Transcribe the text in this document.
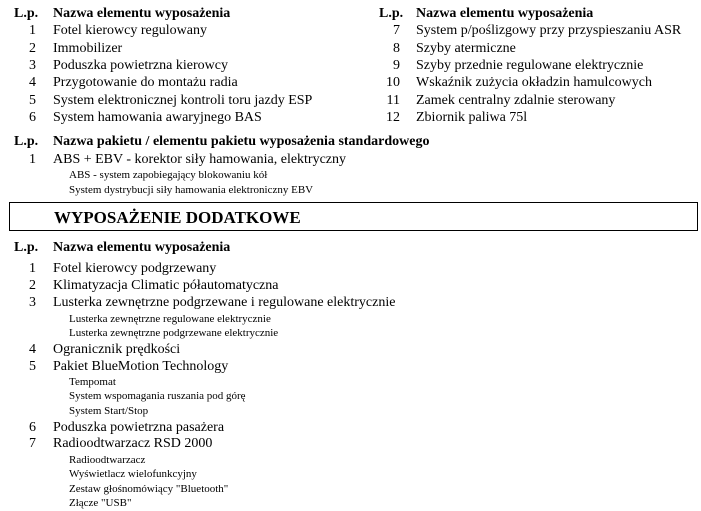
L.p. Nazwa elementu wyposażenia
1 Fotel kierowcy regulowany
2 Immobilizer
3 Poduszka powietrzna kierowcy
4 Przygotowanie do montażu radia
5 System elektronicznej kontroli toru jazdy ESP
6 System hamowania awaryjnego BAS
L.p. Nazwa elementu wyposażenia
7 System p/poślizgowy przy przyspieszaniu ASR
8 Szyby atermiczne
9 Szyby przednie regulowane elektrycznie
10 Wskaźnik zużycia okładzin hamulcowych
11 Zamek centralny zdalnie sterowany
12 Zbiornik paliwa 75l
L.p. Nazwa pakietu / elementu pakietu wyposażenia standardowego
1 ABS + EBV - korektor siły hamowania, elektryczny
ABS - system zapobiegający blokowaniu kół
System dystrybucji siły hamowania elektroniczny EBV
WYPOSAŻENIE DODATKOWE
L.p. Nazwa elementu wyposażenia
1 Fotel kierowcy podgrzewany
2 Klimatyzacja Climatic półautomatyczna
3 Lusterka zewnętrzne podgrzewane i regulowane elektrycznie
Lusterka zewnętrzne regulowane elektrycznie
Lusterka zewnętrzne podgrzewane elektrycznie
4 Ogranicznik prędkości
5 Pakiet BlueMotion Technology
Tempomat
System wspomagania ruszania pod górę
System Start/Stop
6 Poduszka powietrzna pasażera
7 Radioodtwarzacz RSD 2000
Radioodtwarzacz
Wyświetlacz wielofunkcyjny
Zestaw głośnomówiący "Bluetooth"
Złącze "USB"
